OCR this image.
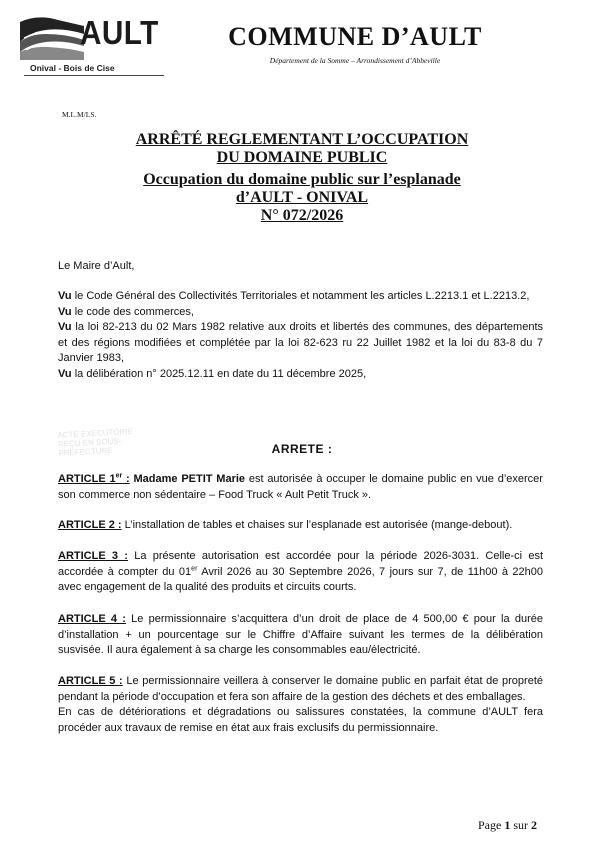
AULT
Onival - Bois de Cise
COMMUNE D’AULT
Département de la Somme – Arrondissement d’Abbeville
M.L.M/LS.
ARRÊTÉ REGLEMENTANT L’OCCUPATION
DU DOMAINE PUBLIC
Occupation du domaine public sur l’esplanade
d’AULT - ONIVAL
N° 072/2026
Le Maire d’Ault,

Vu le Code Général des Collectivités Territoriales et notamment les articles L.2213.1 et L.2213.2,

Vu le code des commerces,

Vu la loi 82-213 du 02 Mars 1982 relative aux droits et libertés des communes, des départements et des régions modifiées et complétée par la loi 82-623 ru 22 Juillet 1982 et la loi du 83-8 du 7 Janvier 1983,

Vu la délibération n° 2025.12.11 en date du 11 décembre 2025,

ACTE EXECUTOIRE
REÇU EN SOUS-PRÉFECTURE	ARRETE :

ARTICLE 1er : Madame PETIT Marie est autorisée à occuper le domaine public en vue d’exercer son commerce non sédentaire – Food Truck « Ault Petit Truck ».

ARTICLE 2 : L’installation de tables et chaises sur l’esplanade est autorisée (mange-debout).

ARTICLE 3 : La présente autorisation est accordée pour la période 2026-3031. Celle-ci est accordée à compter du 01er Avril 2026 au 30 Septembre 2026, 7 jours sur 7, de 11h00 à 22h00 avec engagement de la qualité des produits et circuits courts.

ARTICLE 4 : Le permissionnaire s’acquittera d’un droit de place de 4 500,00 € pour la durée d’installation + un pourcentage sur le Chiffre d’Affaire suivant les termes de la délibération susvisée. Il aura également à sa charge les consommables eau/électricité.

ARTICLE 5 : Le permissionnaire veillera à conserver le domaine public en parfait état de propreté pendant la période d’occupation et fera son affaire de la gestion des déchets et des emballages.

En cas de détériorations et dégradations ou salissures constatées, la commune d’AULT fera procéder aux travaux de remise en état aux frais exclusifs du permissionnaire.

Page 1 sur 2
